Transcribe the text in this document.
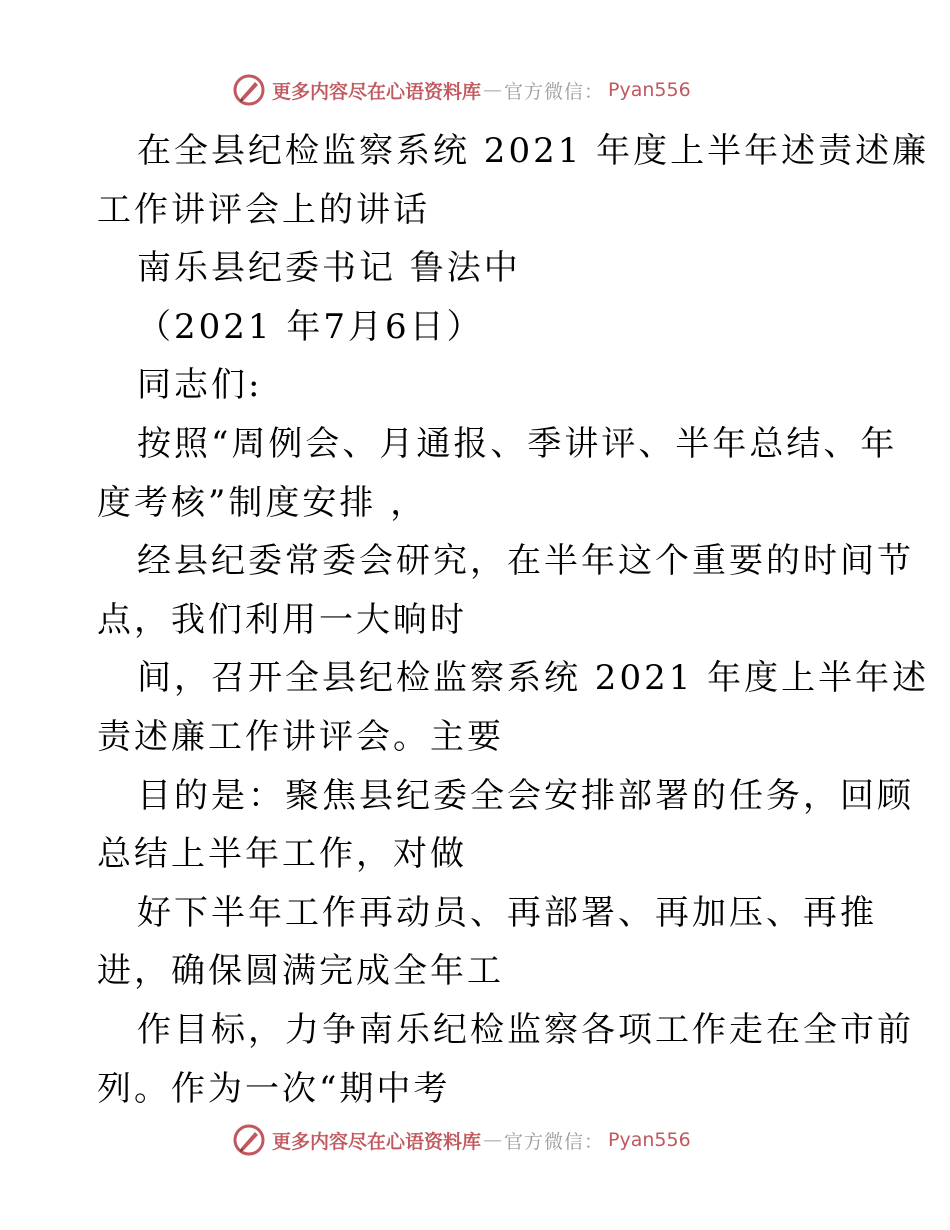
更多内容尽在心语资料库 — 官方微信： Pyan556
在全县纪检监察系统 2021 年度上半年述责述廉
工作讲评会上的讲话
南乐县纪委书记 鲁法中
（2021 年7月6日）
同志们:
按照“周例会、月通报、季讲评、半年总结、年
度考核”制度安排 ，
经县纪委常委会研究，在半年这个重要的时间节
点，我们利用一大晌时
间，召开全县纪检监察系统 2021 年度上半年述
责述廉工作讲评会。主要
目的是：聚焦县纪委全会安排部署的任务，回顾
总结上半年工作，对做
好下半年工作再动员、再部署、再加压、再推
进，确保圆满完成全年工
作目标，力争南乐纪检监察各项工作走在全市前
列。作为一次“期中考
更多内容尽在心语资料库 — 官方微信： Pyan556
